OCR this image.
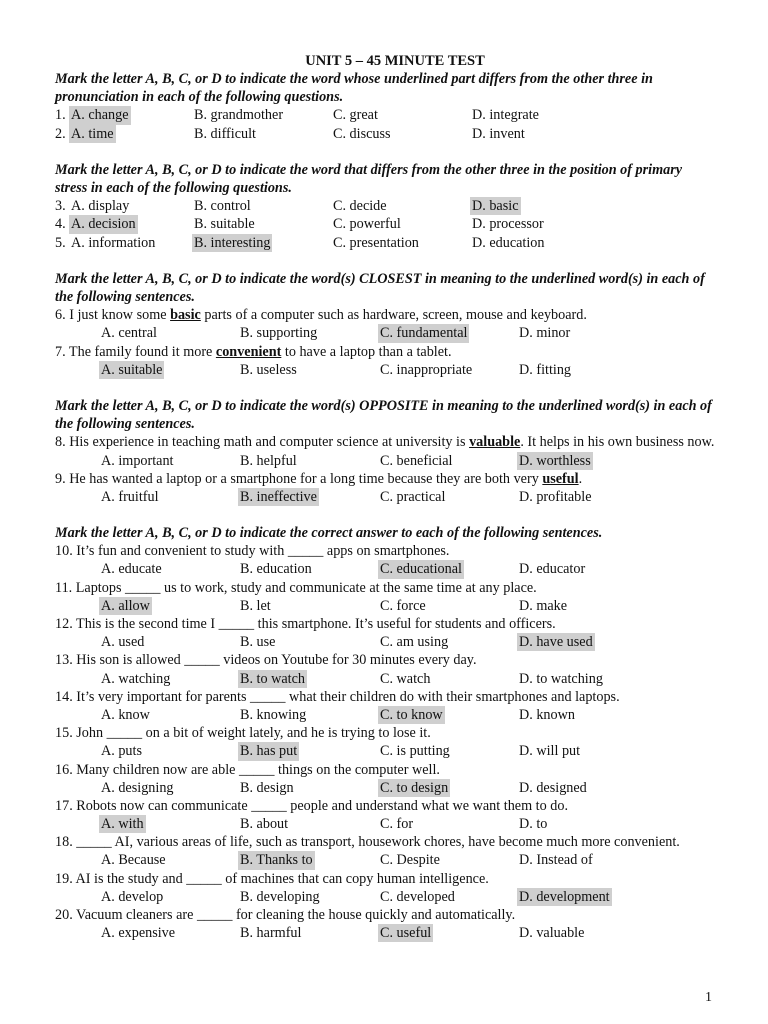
UNIT 5 – 45 MINUTE TEST
Mark the letter A, B, C, or D to indicate the word whose underlined part differs from the other three in pronunciation in each of the following questions.
1. A. change	B. grandmother	C. great	D. integrate
2. A. time	B. difficult	C. discuss	D. invent
Mark the letter A, B, C, or D to indicate the word that differs from the other three in the position of primary stress in each of the following questions.
3. A. display	B. control	C. decide	D. basic
4. A. decision	B. suitable	C. powerful	D. processor
5. A. information	B. interesting	C. presentation	D. education
Mark the letter A, B, C, or D to indicate the word(s) CLOSEST in meaning to the underlined word(s) in each of the following sentences.
6. I just know some basic parts of a computer such as hardware, screen, mouse and keyboard.
A. central	B. supporting	C. fundamental	D. minor
7. The family found it more convenient to have a laptop than a tablet.
A. suitable	B. useless	C. inappropriate	D. fitting
Mark the letter A, B, C, or D to indicate the word(s) OPPOSITE in meaning to the underlined word(s) in each of the following sentences.
8. His experience in teaching math and computer science at university is valuable. It helps in his own business now.
A. important	B. helpful	C. beneficial	D. worthless
9. He has wanted a laptop or a smartphone for a long time because they are both very useful.
A. fruitful	B. ineffective	C. practical	D. profitable
Mark the letter A, B, C, or D to indicate the correct answer to each of the following sentences.
10. It’s fun and convenient to study with _____ apps on smartphones.
A. educate	B. education	C. educational	D. educator
11. Laptops _____ us to work, study and communicate at the same time at any place.
A. allow	B. let	C. force	D. make
12. This is the second time I _____ this smartphone. It’s useful for students and officers.
A. used	B. use	C. am using	D. have used
13. His son is allowed _____ videos on Youtube for 30 minutes every day.
A. watching	B. to watch	C. watch	D. to watching
14. It’s very important for parents _____ what their children do with their smartphones and laptops.
A. know	B. knowing	C. to know	D. known
15. John _____ on a bit of weight lately, and he is trying to lose it.
A. puts	B. has put	C. is putting	D. will put
16. Many children now are able _____ things on the computer well.
A. designing	B. design	C. to design	D. designed
17. Robots now can communicate _____ people and understand what we want them to do.
A. with	B. about	C. for	D. to
18. _____ AI, various areas of life, such as transport, housework chores, have become much more convenient.
A. Because	B. Thanks to	C. Despite	D. Instead of
19. AI is the study and _____ of machines that can copy human intelligence.
A. develop	B. developing	C. developed	D. development
20. Vacuum cleaners are _____ for cleaning the house quickly and automatically.
A. expensive	B. harmful	C. useful	D. valuable
1
